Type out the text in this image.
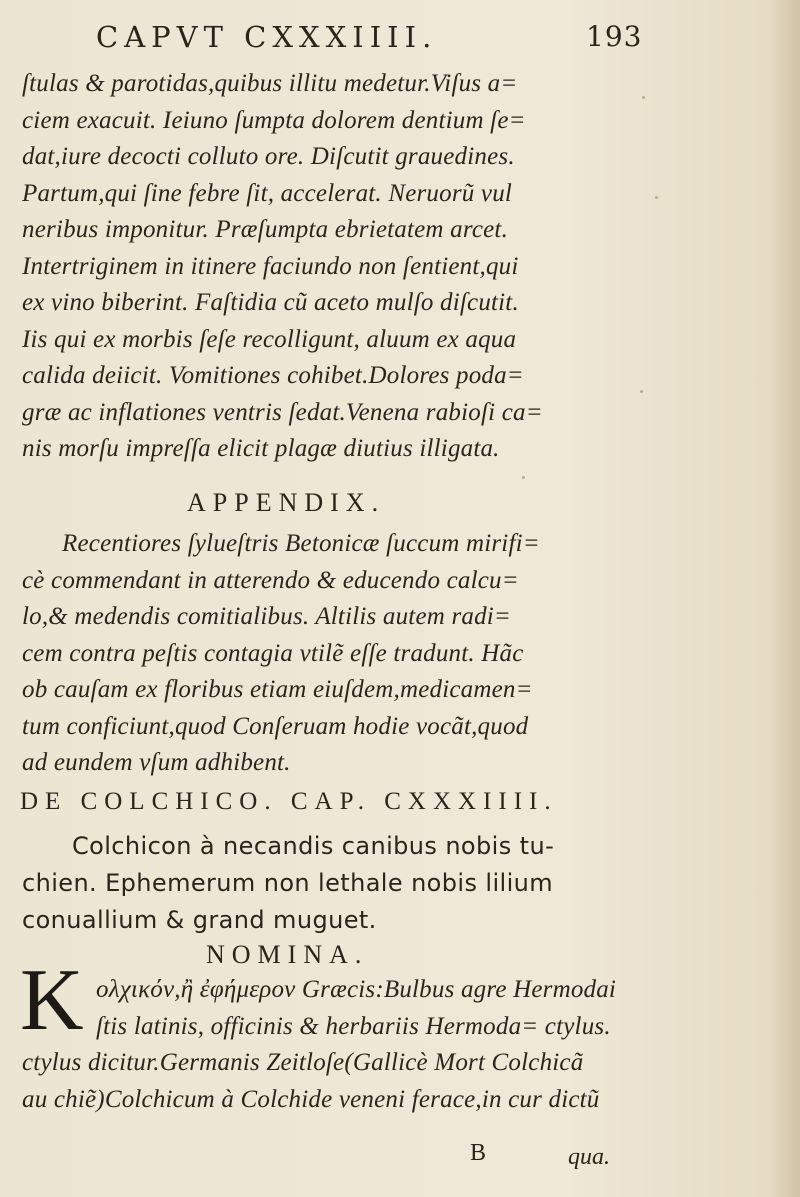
CAPVT CXXXIIII.	193
ſtulas & parotidas,quibus illitu medetur.Viſus a=
ciem exacuit. Ieiuno ſumpta dolorem dentium ſe=
dat,iure decocti colluto ore. Diſcutit grauedines.
Partum,qui ſine febre ſit, accelerat. Neruorũ vul
neribus imponitur. Præſumpta ebrietatem arcet.
Intertriginem in itinere faciundo non ſentient,qui
ex vino biberint. Faſtidia cũ aceto mulſo diſcutit.
Iis qui ex morbis ſeſe recolligunt, aluum ex aqua
calida deiicit. Vomitiones cohibet.Dolores poda=
græ ac inflationes ventris ſedat.Venena rabioſi ca=
nis morſu impreſſa elicit plagæ diutius illigata.
APPENDIX.
Recentiores ſylueſtris Betonicæ ſuccum mirifi=
cè commendant in atterendo & educendo calcu=
lo,& medendis comitialibus. Altilis autem radi=
cem contra peſtis contagia vtilẽ eſſe tradunt. Hãc
ob cauſam ex floribus etiam eiuſdem,medicamen=
tum conficiunt,quod Conſeruam hodie vocãt,quod
ad eundem vſum adhibent.
DE COLCHICO. CAP. CXXXIIII.
Colchicon à necandis canibus nobis tu-
chien. Ephemerum non lethale nobis lilium
conuallium & grand muguet.
NOMINA.
K ολχικόν,ἢ ἐφήμερον Græcis:Bulbus agre Hermodai
ſtis latinis, officinis & herbariis Hermoda= ctylus.
ctylus dicitur.Germanis Zeitloſe(Gallicè Mort Colchicã
au chiẽ)Colchicum à Colchide veneni ferace,in cur dictũ
B	qua.
